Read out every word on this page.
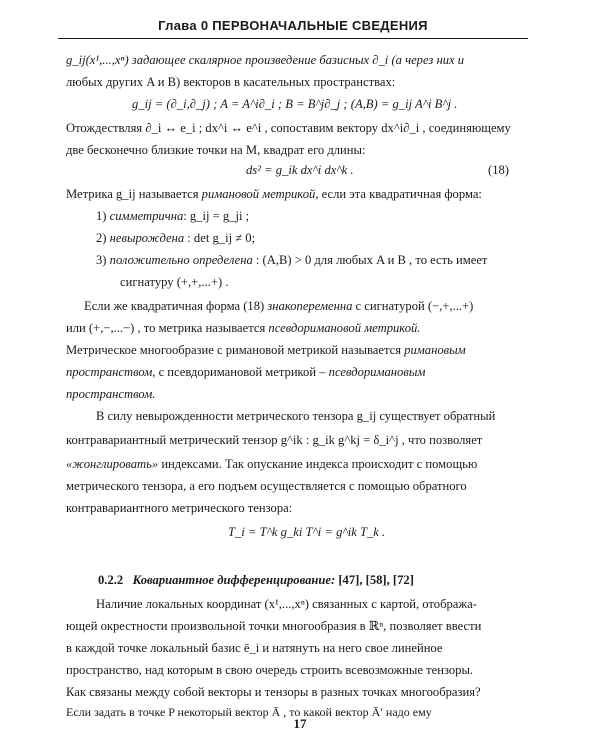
Глава 0 ПЕРВОНАЧАЛЬНЫЕ СВЕДЕНИЯ
g_ij(x¹,...,xⁿ) задающее скалярное произведение базисных ∂_i (а через них и
любых других A и B) векторов в касательных пространствах:
g_ij = (∂_i,∂_j) ; A = A^i∂_i ; B = B^j∂_j ; (A,B) = g_ij A^i B^j .
Отождествляя ∂_i ↔ e_i ; dx^i ↔ e^i , сопоставим вектору dx^i∂_i , соединяющему
две бесконечно близкие точки на M, квадрат его длины:
ds² = g_ik dx^i dx^k .	(18)
Метрика g_ij называется римановой метрикой, если эта квадратичная форма:
1) симметрична: g_ij = g_ji ;
2) невырождена : det g_ij ≠ 0;
3) положительно определена : (A,B) > 0 для любых A и B , то есть имеет
сигнатуру (+,+,...+) .
Если же квадратичная форма (18) знакопеременна с сигнатурой (−,+,...+)
или (+,−,...−) , то метрика называется псевдоримановой метрикой.
Метрическое многообразие с римановой метрикой называется римановым
пространством, с псевдоримановой метрикой – псевдоримановым
пространством.
В силу невырожденности метрического тензора g_ij существует обратный
контравариантный метрический тензор g^ik : g_ik g^kj = δ_i^j , что позволяет
«жонглировать» индексами. Так опускание индекса происходит с помощью
метрического тензора, а его подъем осуществляется с помощью обратного
контравариантного метрического тензора:
T_i = T^k g_ki T^i = g^ik T_k .
0.2.2 Ковариантное дифференцирование: [47], [58], [72]
Наличие локальных координат (x¹,...,xⁿ) связанных с картой, отобража-
ющей окрестности произвольной точки многообразия в ℝⁿ, позволяет ввести
в каждой точке локальный базис ē_i и натянуть на него свое линейное
пространство, над которым в свою очередь строить всевозможные тензоры.
Как связаны между собой векторы и тензоры в разных точках многообразия?
Если задать в точке P некоторый вектор Ā , то какой вектор Ā′ надо ему
17
